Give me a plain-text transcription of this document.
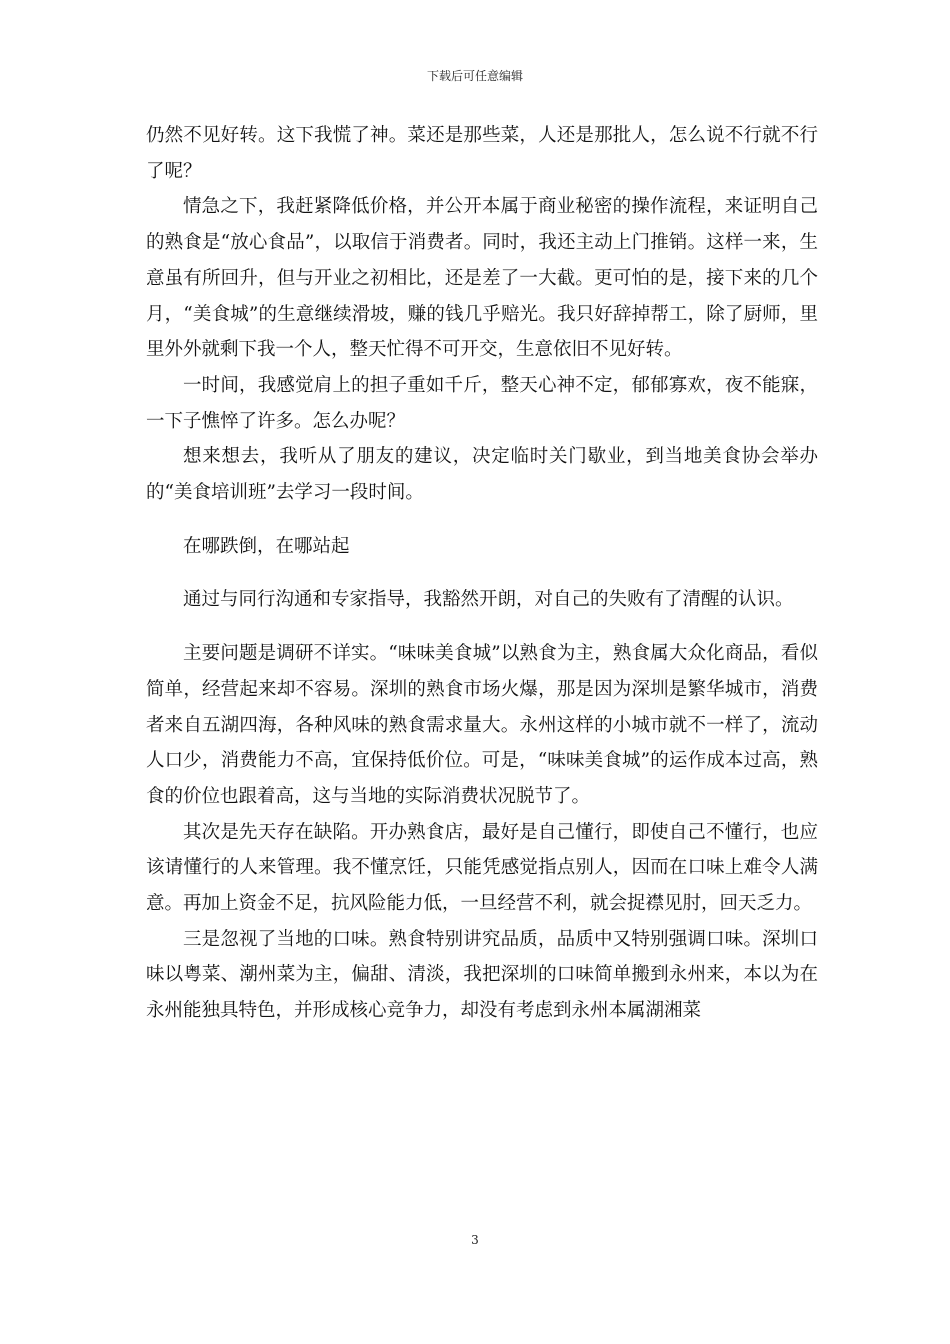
下载后可任意编辑

仍然不见好转。这下我慌了神。菜还是那些菜，人还是那批人，怎么说不行就不行了呢？

情急之下，我赶紧降低价格，并公开本属于商业秘密的操作流程，来证明自己的熟食是“放心食品”，以取信于消费者。同时，我还主动上门推销。这样一来，生意虽有所回升，但与开业之初相比，还是差了一大截。更可怕的是，接下来的几个月，“美食城”的生意继续滑坡，赚的钱几乎赔光。我只好辞掉帮工，除了厨师，里里外外就剩下我一个人，整天忙得不可开交，生意依旧不见好转。

一时间，我感觉肩上的担子重如千斤，整天心神不定，郁郁寡欢，夜不能寐，一下子憔悴了许多。怎么办呢？

想来想去，我听从了朋友的建议，决定临时关门歇业，到当地美食协会举办的“美食培训班”去学习一段时间。

在哪跌倒，在哪站起

通过与同行沟通和专家指导，我豁然开朗，对自己的失败有了清醒的认识。

主要问题是调研不详实。“味味美食城”以熟食为主，熟食属大众化商品，看似简单，经营起来却不容易。深圳的熟食市场火爆，那是因为深圳是繁华城市，消费者来自五湖四海，各种风味的熟食需求量大。永州这样的小城市就不一样了，流动人口少，消费能力不高，宜保持低价位。可是，“味味美食城”的运作成本过高，熟食的价位也跟着高，这与当地的实际消费状况脱节了。

其次是先天存在缺陷。开办熟食店，最好是自己懂行，即使自己不懂行，也应该请懂行的人来管理。我不懂烹饪，只能凭感觉指点别人，因而在口味上难令人满意。再加上资金不足，抗风险能力低，一旦经营不利，就会捉襟见肘，回天乏力。

三是忽视了当地的口味。熟食特别讲究品质，品质中又特别强调口味。深圳口味以粤菜、潮州菜为主，偏甜、清淡，我把深圳的口味简单搬到永州来，本以为在永州能独具特色，并形成核心竞争力，却没有考虑到永州本属湖湘菜

3
